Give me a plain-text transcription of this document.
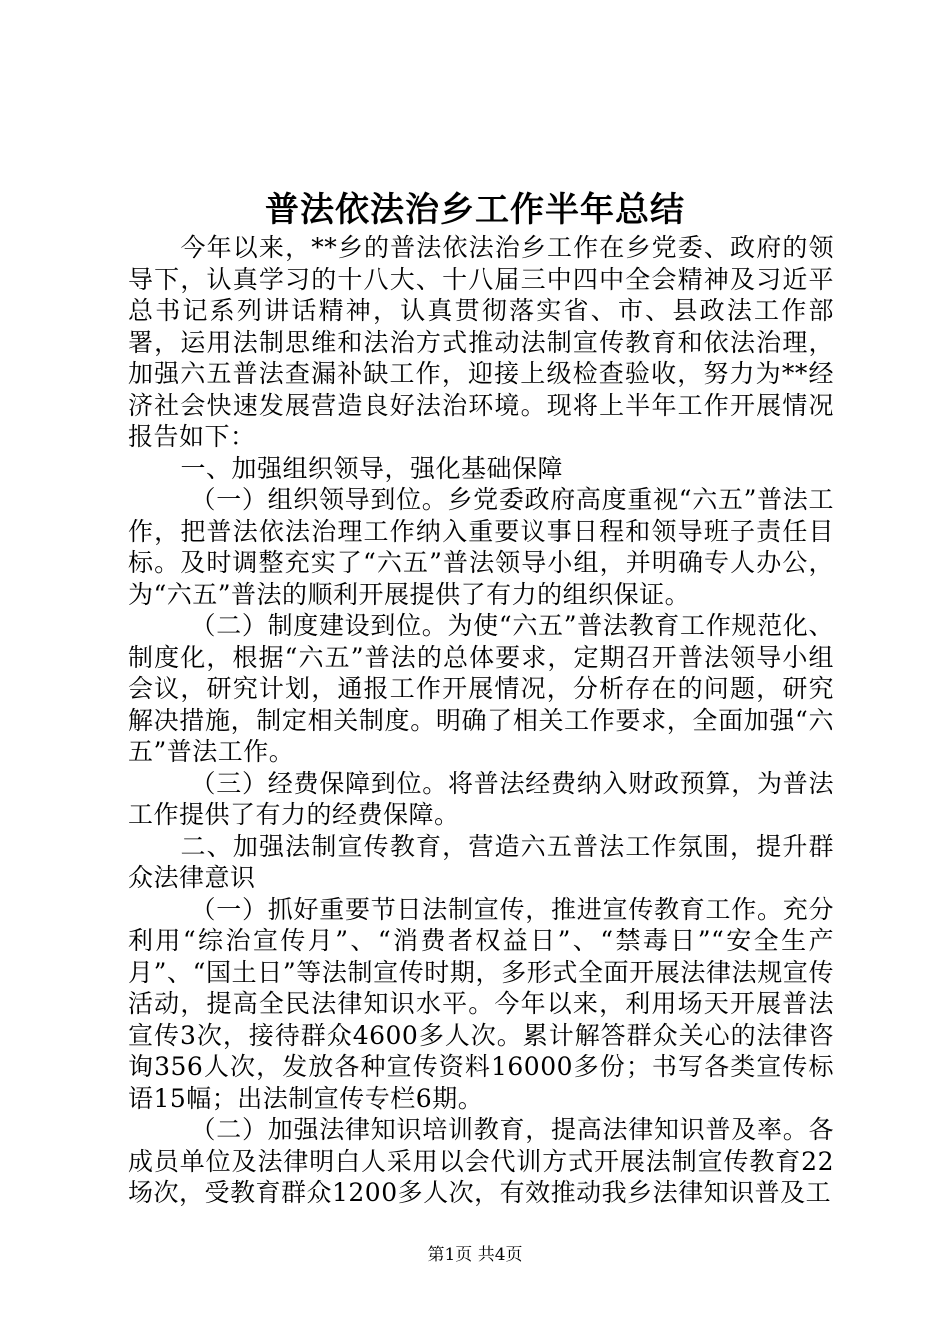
普法依法治乡工作半年总结

今年以来，**乡的普法依法治乡工作在乡党委、政府的领导下，认真学习的十八大、十八届三中四中全会精神及习近平总书记系列讲话精神，认真贯彻落实省、市、县政法工作部署，运用法制思维和法治方式推动法制宣传教育和依法治理，加强六五普法查漏补缺工作，迎接上级检查验收，努力为**经济社会快速发展营造良好法治环境。现将上半年工作开展情况报告如下：

一、加强组织领导，强化基础保障

（一）组织领导到位。乡党委政府高度重视“六五”普法工作，把普法依法治理工作纳入重要议事日程和领导班子责任目标。及时调整充实了“六五”普法领导小组，并明确专人办公，为“六五”普法的顺利开展提供了有力的组织保证。

（二）制度建设到位。为使“六五”普法教育工作规范化、制度化，根据“六五”普法的总体要求，定期召开普法领导小组会议，研究计划，通报工作开展情况，分析存在的问题，研究解决措施，制定相关制度。明确了相关工作要求，全面加强“六五”普法工作。

（三）经费保障到位。将普法经费纳入财政预算，为普法工作提供了有力的经费保障。

二、加强法制宣传教育，营造六五普法工作氛围，提升群众法律意识

（一）抓好重要节日法制宣传，推进宣传教育工作。充分利用“综治宣传月”、“消费者权益日”、“禁毒日”“安全生产月”、“国土日”等法制宣传时期，多形式全面开展法律法规宣传活动，提高全民法律知识水平。今年以来，利用场天开展普法宣传3次，接待群众4600多人次。累计解答群众关心的法律咨询356人次，发放各种宣传资料16000多份；书写各类宣传标语15幅；出法制宣传专栏6期。

（二）加强法律知识培训教育，提高法律知识普及率。各成员单位及法律明白人采用以会代训方式开展法制宣传教育22场次，受教育群众1200多人次，有效推动我乡法律知识普及工

第1页 共4页
